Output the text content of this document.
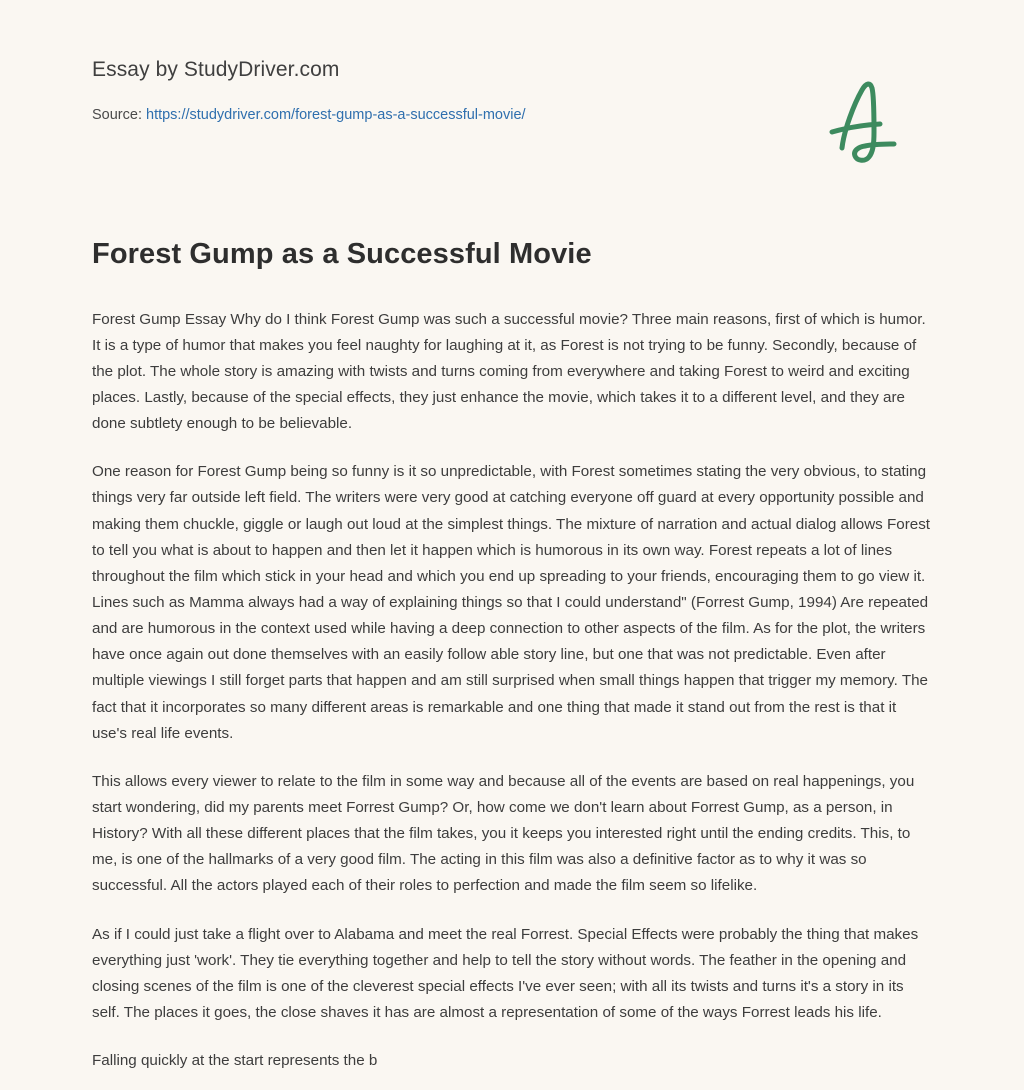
Essay by StudyDriver.com
Source: https://studydriver.com/forest-gump-as-a-successful-movie/
Forest Gump as a Successful Movie

Forest Gump Essay Why do I think Forest Gump was such a successful movie? Three main reasons, first of which is humor. It is a type of humor that makes you feel naughty for laughing at it, as Forest is not trying to be funny. Secondly, because of the plot. The whole story is amazing with twists and turns coming from everywhere and taking Forest to weird and exciting places. Lastly, because of the special effects, they just enhance the movie, which takes it to a different level, and they are done subtlety enough to be believable.

One reason for Forest Gump being so funny is it so unpredictable, with Forest sometimes stating the very obvious, to stating things very far outside left field. The writers were very good at catching everyone off guard at every opportunity possible and making them chuckle, giggle or laugh out loud at the simplest things. The mixture of narration and actual dialog allows Forest to tell you what is about to happen and then let it happen which is humorous in its own way. Forest repeats a lot of lines throughout the film which stick in your head and which you end up spreading to your friends, encouraging them to go view it. Lines such as Mamma always had a way of explaining things so that I could understand" (Forrest Gump, 1994) Are repeated and are humorous in the context used while having a deep connection to other aspects of the film. As for the plot, the writers have once again out done themselves with an easily follow able story line, but one that was not predictable. Even after multiple viewings I still forget parts that happen and am still surprised when small things happen that trigger my memory. The fact that it incorporates so many different areas is remarkable and one thing that made it stand out from the rest is that it use's real life events.

This allows every viewer to relate to the film in some way and because all of the events are based on real happenings, you start wondering, did my parents meet Forrest Gump? Or, how come we don't learn about Forrest Gump, as a person, in History? With all these different places that the film takes, you it keeps you interested right until the ending credits. This, to me, is one of the hallmarks of a very good film. The acting in this film was also a definitive factor as to why it was so successful. All the actors played each of their roles to perfection and made the film seem so lifelike.

As if I could just take a flight over to Alabama and meet the real Forrest. Special Effects were probably the thing that makes everything just 'work'. They tie everything together and help to tell the story without words. The feather in the opening and closing scenes of the film is one of the cleverest special effects I've ever seen; with all its twists and turns it's a story in its self. The places it goes, the close shaves it has are almost a representation of some of the ways Forrest leads his life.

Falling quickly at the start represents the b
